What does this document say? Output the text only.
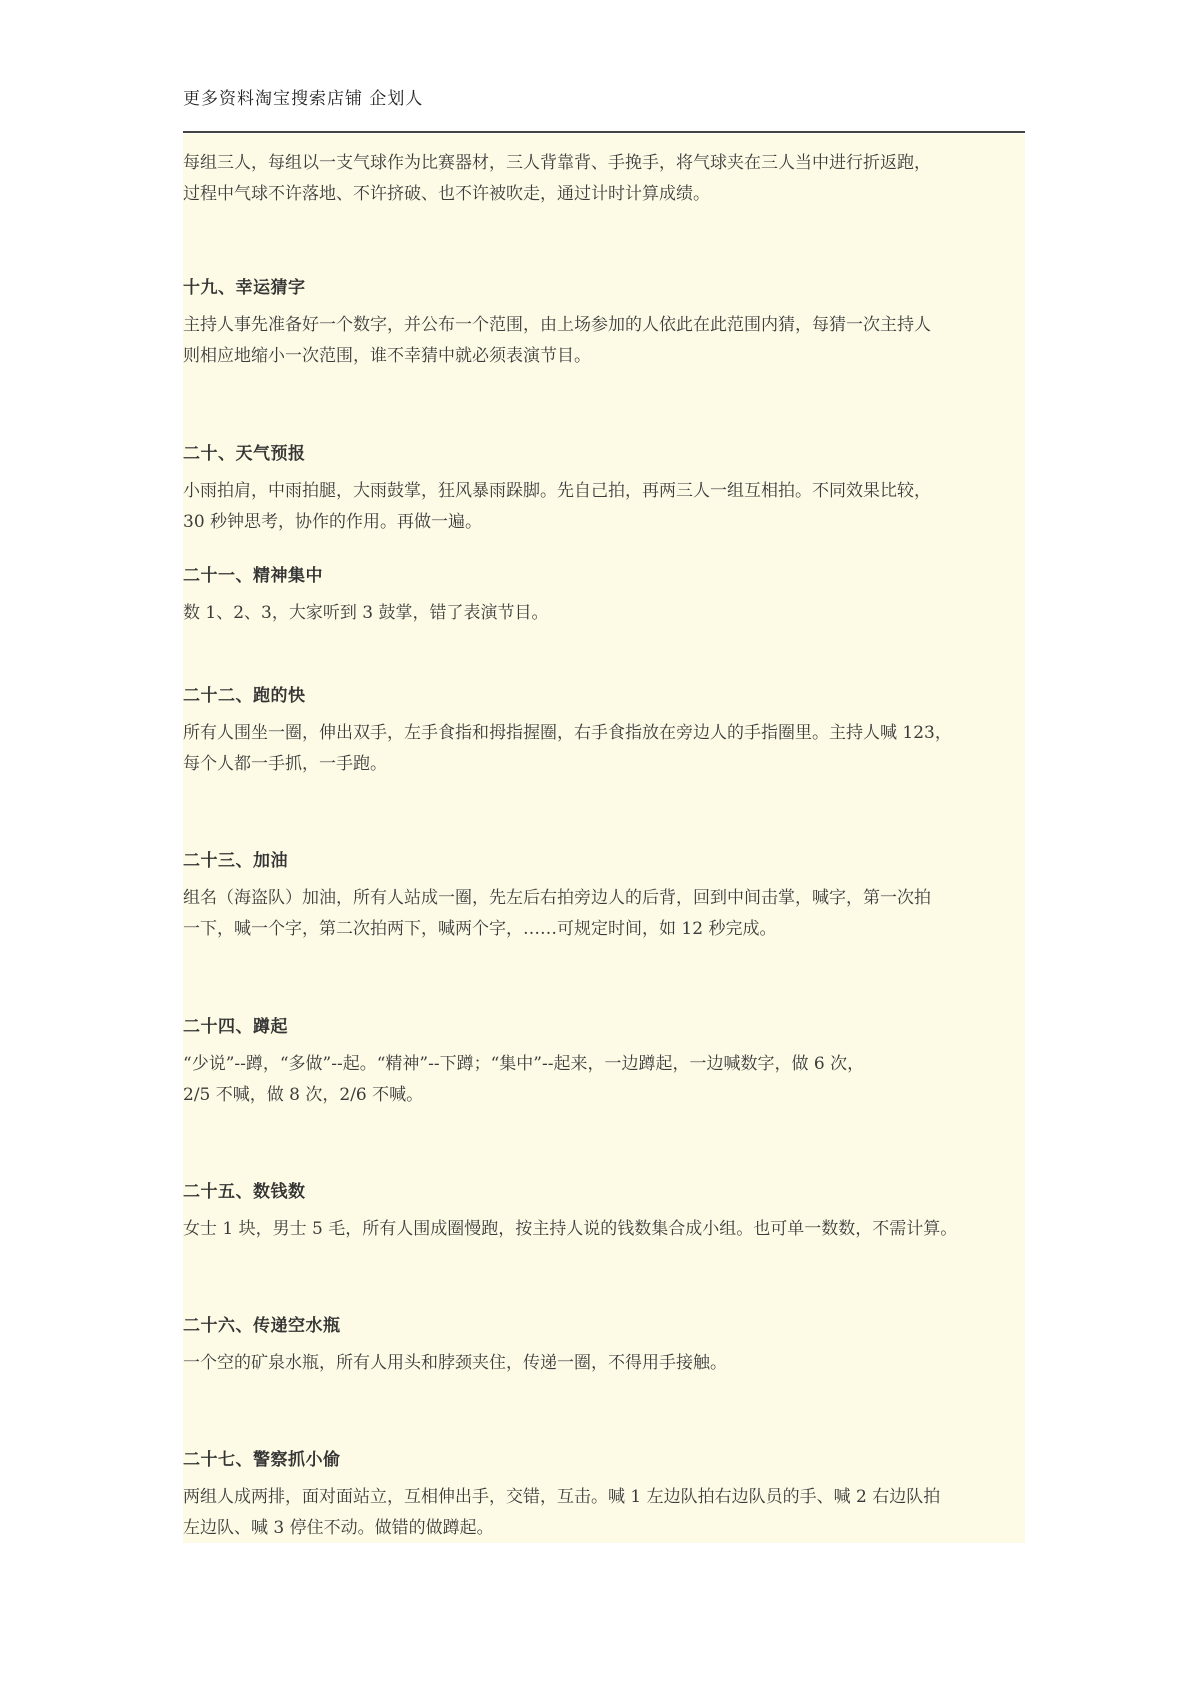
更多资料淘宝搜索店铺 企划人

每组三人，每组以一支气球作为比赛器材，三人背靠背、手挽手，将气球夹在三人当中进行折返跑，

过程中气球不许落地、不许挤破、也不许被吹走，通过计时计算成绩。

十九、幸运猜字

主持人事先准备好一个数字，并公布一个范围，由上场参加的人依此在此范围内猜，每猜一次主持人

则相应地缩小一次范围，谁不幸猜中就必须表演节目。

二十、天气预报

小雨拍肩，中雨拍腿，大雨鼓掌，狂风暴雨跺脚。先自己拍，再两三人一组互相拍。不同效果比较，

30 秒钟思考，协作的作用。再做一遍。

二十一、精神集中

数 1、2、3，大家听到 3 鼓掌，错了表演节目。

二十二、跑的快

所有人围坐一圈，伸出双手，左手食指和拇指握圈，右手食指放在旁边人的手指圈里。主持人喊 123，

每个人都一手抓，一手跑。

二十三、加油

组名（海盗队）加油，所有人站成一圈，先左后右拍旁边人的后背，回到中间击掌，喊字，第一次拍

一下，喊一个字，第二次拍两下，喊两个字，……可规定时间，如 12 秒完成。

二十四、蹲起

“少说”--蹲，“多做”--起。“精神”--下蹲；“集中”--起来，一边蹲起，一边喊数字，做 6 次，

2/5 不喊，做 8 次，2/6 不喊。

二十五、数钱数

女士 1 块，男士 5 毛，所有人围成圈慢跑，按主持人说的钱数集合成小组。也可单一数数，不需计算。

二十六、传递空水瓶

一个空的矿泉水瓶，所有人用头和脖颈夹住，传递一圈，不得用手接触。

二十七、警察抓小偷

两组人成两排，面对面站立，互相伸出手，交错，互击。喊 1 左边队拍右边队员的手、喊 2 右边队拍

左边队、喊 3 停住不动。做错的做蹲起。
